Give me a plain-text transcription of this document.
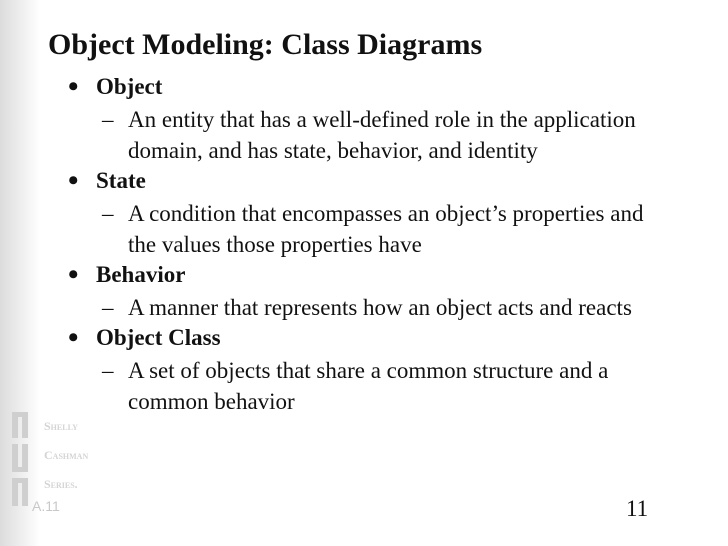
Shelly
Cashman
Series.
Object Modeling: Class Diagrams
• Object
– An entity that has a well-defined role in the application domain, and has state, behavior, and identity
• State
– A condition that encompasses an object’s properties and the values those properties have
• Behavior
– A manner that represents how an object acts and reacts
• Object Class
– A set of objects that share a common structure and a common behavior
A.11	11
